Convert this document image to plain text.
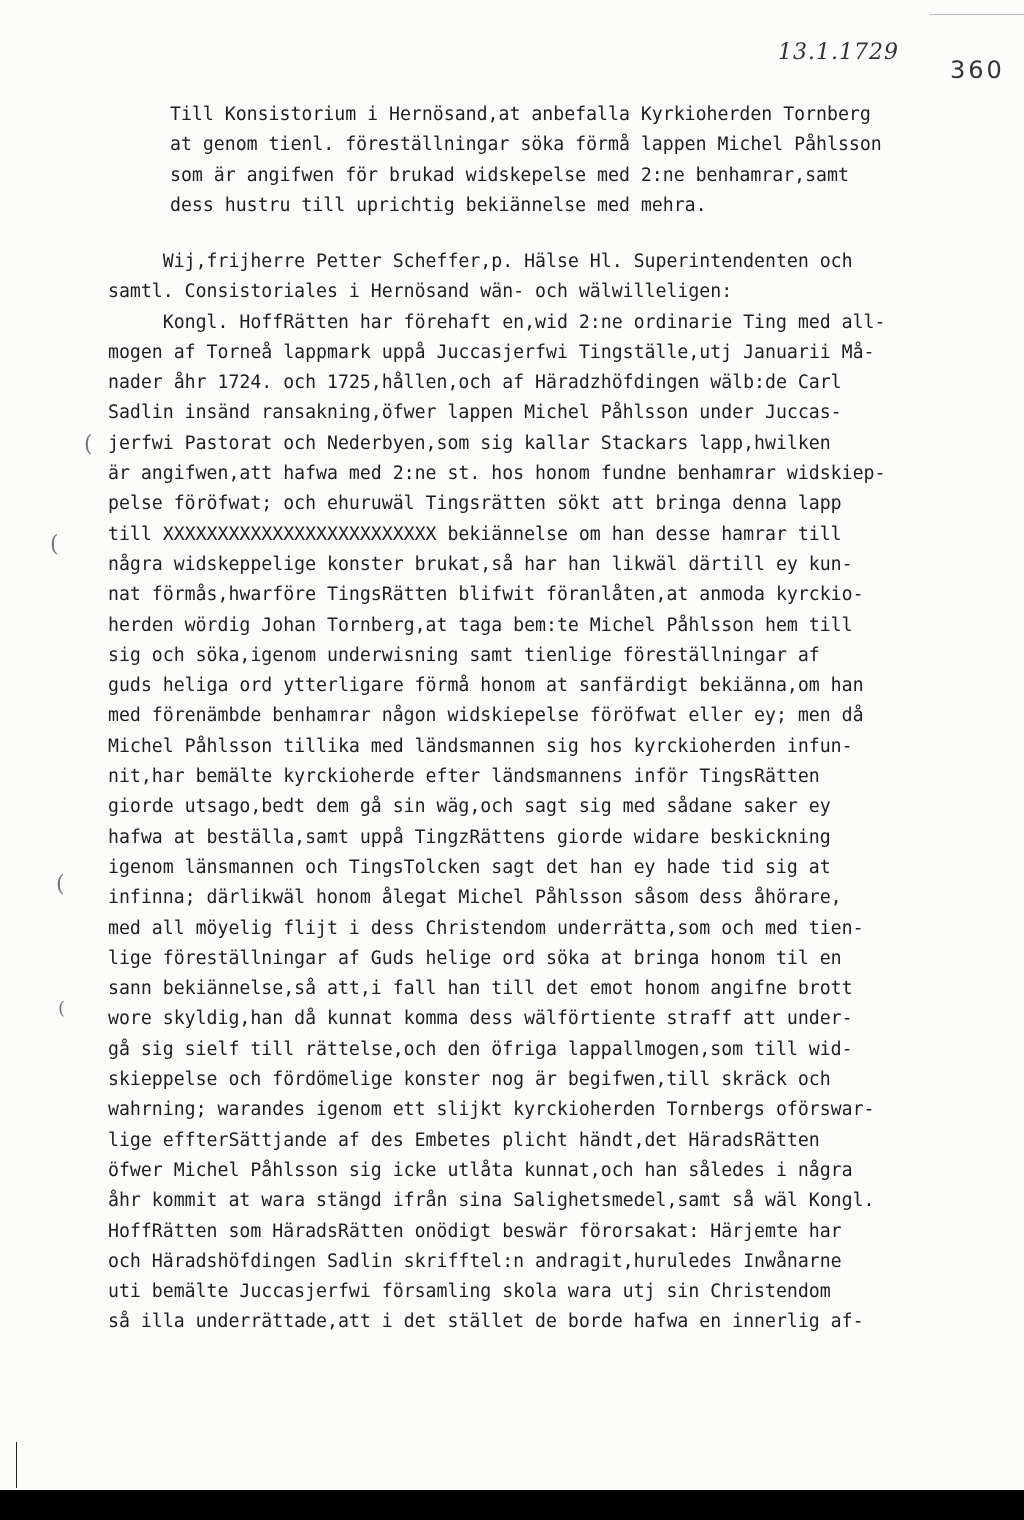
13.1.1729
360
Till Konsistorium i Hernösand,at anbefalla Kyrkioherden Tornberg
at genom tienl. föreställningar söka förmå lappen Michel Påhlsson
som är angifwen för brukad widskepelse med 2:ne benhamrar,samt
dess hustru till uprichtig bekiännelse med mehra.
Wij,frijherre Petter Scheffer,p. Hälse Hl. Superintendenten och
samtl. Consistoriales i Hernösand wän- och wälwilleligen:
Kongl. HoffRätten har förehaft en,wid 2:ne ordinarie Ting med all-
mogen af Torneå lappmark uppå Juccasjerfwi Tingställe,utj Januarii Må-
nader åhr 1724. och 1725,hållen,och af Häradzhöfdingen wälb:de Carl
Sadlin insänd ransakning,öfwer lappen Michel Påhlsson under Juccas-
jerfwi Pastorat och Nederbyen,som sig kallar Stackars lapp,hwilken
är angifwen,att hafwa med 2:ne st. hos honom fundne benhamrar widskiep-
pelse föröfwat; och ehuruwäl Tingsrätten sökt att bringa denna lapp
till XXXXXXXXXXXXXXXXXXXXXXXXX bekiännelse om han desse hamrar till
några widskeppelige konster brukat,så har han likwäl därtill ey kun-
nat förmås,hwarföre TingsRätten blifwit föranlåten,at anmoda kyrckio-
herden wördig Johan Tornberg,at taga bem:te Michel Påhlsson hem till
sig och söka,igenom underwisning samt tienlige föreställningar af
guds heliga ord ytterligare förmå honom at sanfärdigt bekiänna,om han
med förenämbde benhamrar någon widskiepelse föröfwat eller ey; men då
Michel Påhlsson tillika med ländsmannen sig hos kyrckioherden infun-
nit,har bemälte kyrckioherde efter ländsmannens inför TingsRätten
giorde utsago,bedt dem gå sin wäg,och sagt sig med sådane saker ey
hafwa at beställa,samt uppå TingzRättens giorde widare beskickning
igenom länsmannen och TingsTolcken sagt det han ey hade tid sig at
infinna; därlikwäl honom ålegat Michel Påhlsson såsom dess åhörare,
med all möyelig flijt i dess Christendom underrätta,som och med tien-
lige föreställningar af Guds helige ord söka at bringa honom til en
sann bekiännelse,så att,i fall han till det emot honom angifne brott
wore skyldig,han då kunnat komma dess wälförtiente straff att under-
gå sig sielf till rättelse,och den öfriga lappallmogen,som till wid-
skieppelse och fördömelige konster nog är begifwen,till skräck och
wahrning; warandes igenom ett slijkt kyrckioherden Tornbergs oförswar-
lige effterSättjande af des Embetes plicht händt,det HäradsRätten
öfwer Michel Påhlsson sig icke utlåta kunnat,och han således i några
åhr kommit at wara stängd ifrån sina Salighetsmedel,samt så wäl Kongl.
HoffRätten som HäradsRätten onödigt beswär förorsakat: Härjemte har
och Häradshöfdingen Sadlin skrifftel:n andragit,huruledes Inwånarne
uti bemälte Juccasjerfwi församling skola wara utj sin Christendom
så illa underrättade,att i det stället de borde hafwa en innerlig af-
(
(
(
(
